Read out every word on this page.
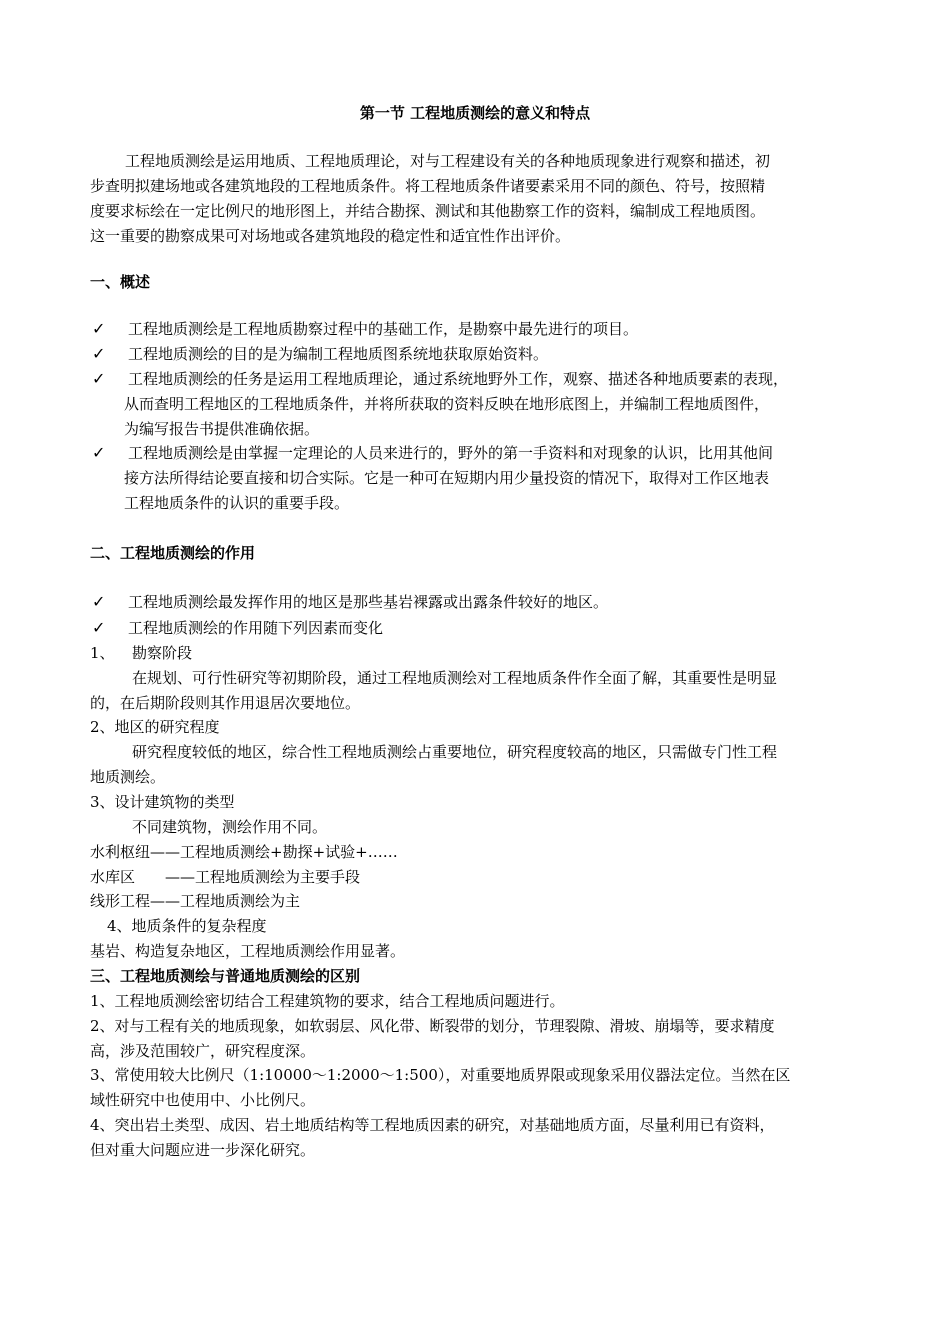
第一节 工程地质测绘的意义和特点
工程地质测绘是运用地质、工程地质理论，对与工程建设有关的各种地质现象进行观察和描述，初
步查明拟建场地或各建筑地段的工程地质条件。将工程地质条件诸要素采用不同的颜色、符号，按照精
度要求标绘在一定比例尺的地形图上，并结合勘探、测试和其他勘察工作的资料，编制成工程地质图。
这一重要的勘察成果可对场地或各建筑地段的稳定性和适宜性作出评价。
一、概述
✓ 工程地质测绘是工程地质勘察过程中的基础工作，是勘察中最先进行的项目。
✓ 工程地质测绘的目的是为编制工程地质图系统地获取原始资料。
✓ 工程地质测绘的任务是运用工程地质理论，通过系统地野外工作，观察、描述各种地质要素的表现，
从而查明工程地区的工程地质条件，并将所获取的资料反映在地形底图上，并编制工程地质图件，
为编写报告书提供准确依据。
✓ 工程地质测绘是由掌握一定理论的人员来进行的，野外的第一手资料和对现象的认识，比用其他间
接方法所得结论要直接和切合实际。它是一种可在短期内用少量投资的情况下，取得对工作区地表
工程地质条件的认识的重要手段。
二、工程地质测绘的作用
✓ 工程地质测绘最发挥作用的地区是那些基岩裸露或出露条件较好的地区。
✓ 工程地质测绘的作用随下列因素而变化
1、 勘察阶段
在规划、可行性研究等初期阶段，通过工程地质测绘对工程地质条件作全面了解，其重要性是明显
的，在后期阶段则其作用退居次要地位。
2、地区的研究程度
研究程度较低的地区，综合性工程地质测绘占重要地位，研究程度较高的地区，只需做专门性工程
地质测绘。
3、设计建筑物的类型
不同建筑物，测绘作用不同。
水利枢纽——工程地质测绘+勘探+试验+……
水库区　　——工程地质测绘为主要手段
线形工程——工程地质测绘为主
4、地质条件的复杂程度
基岩、构造复杂地区，工程地质测绘作用显著。
三、工程地质测绘与普通地质测绘的区别
1、工程地质测绘密切结合工程建筑物的要求，结合工程地质问题进行。
2、对与工程有关的地质现象，如软弱层、风化带、断裂带的划分，节理裂隙、滑坡、崩塌等，要求精度
高，涉及范围较广，研究程度深。
3、常使用较大比例尺（1:10000～1:2000～1:500），对重要地质界限或现象采用仪器法定位。当然在区
域性研究中也使用中、小比例尺。
4、突出岩土类型、成因、岩土地质结构等工程地质因素的研究，对基础地质方面，尽量利用已有资料，
但对重大问题应进一步深化研究。
